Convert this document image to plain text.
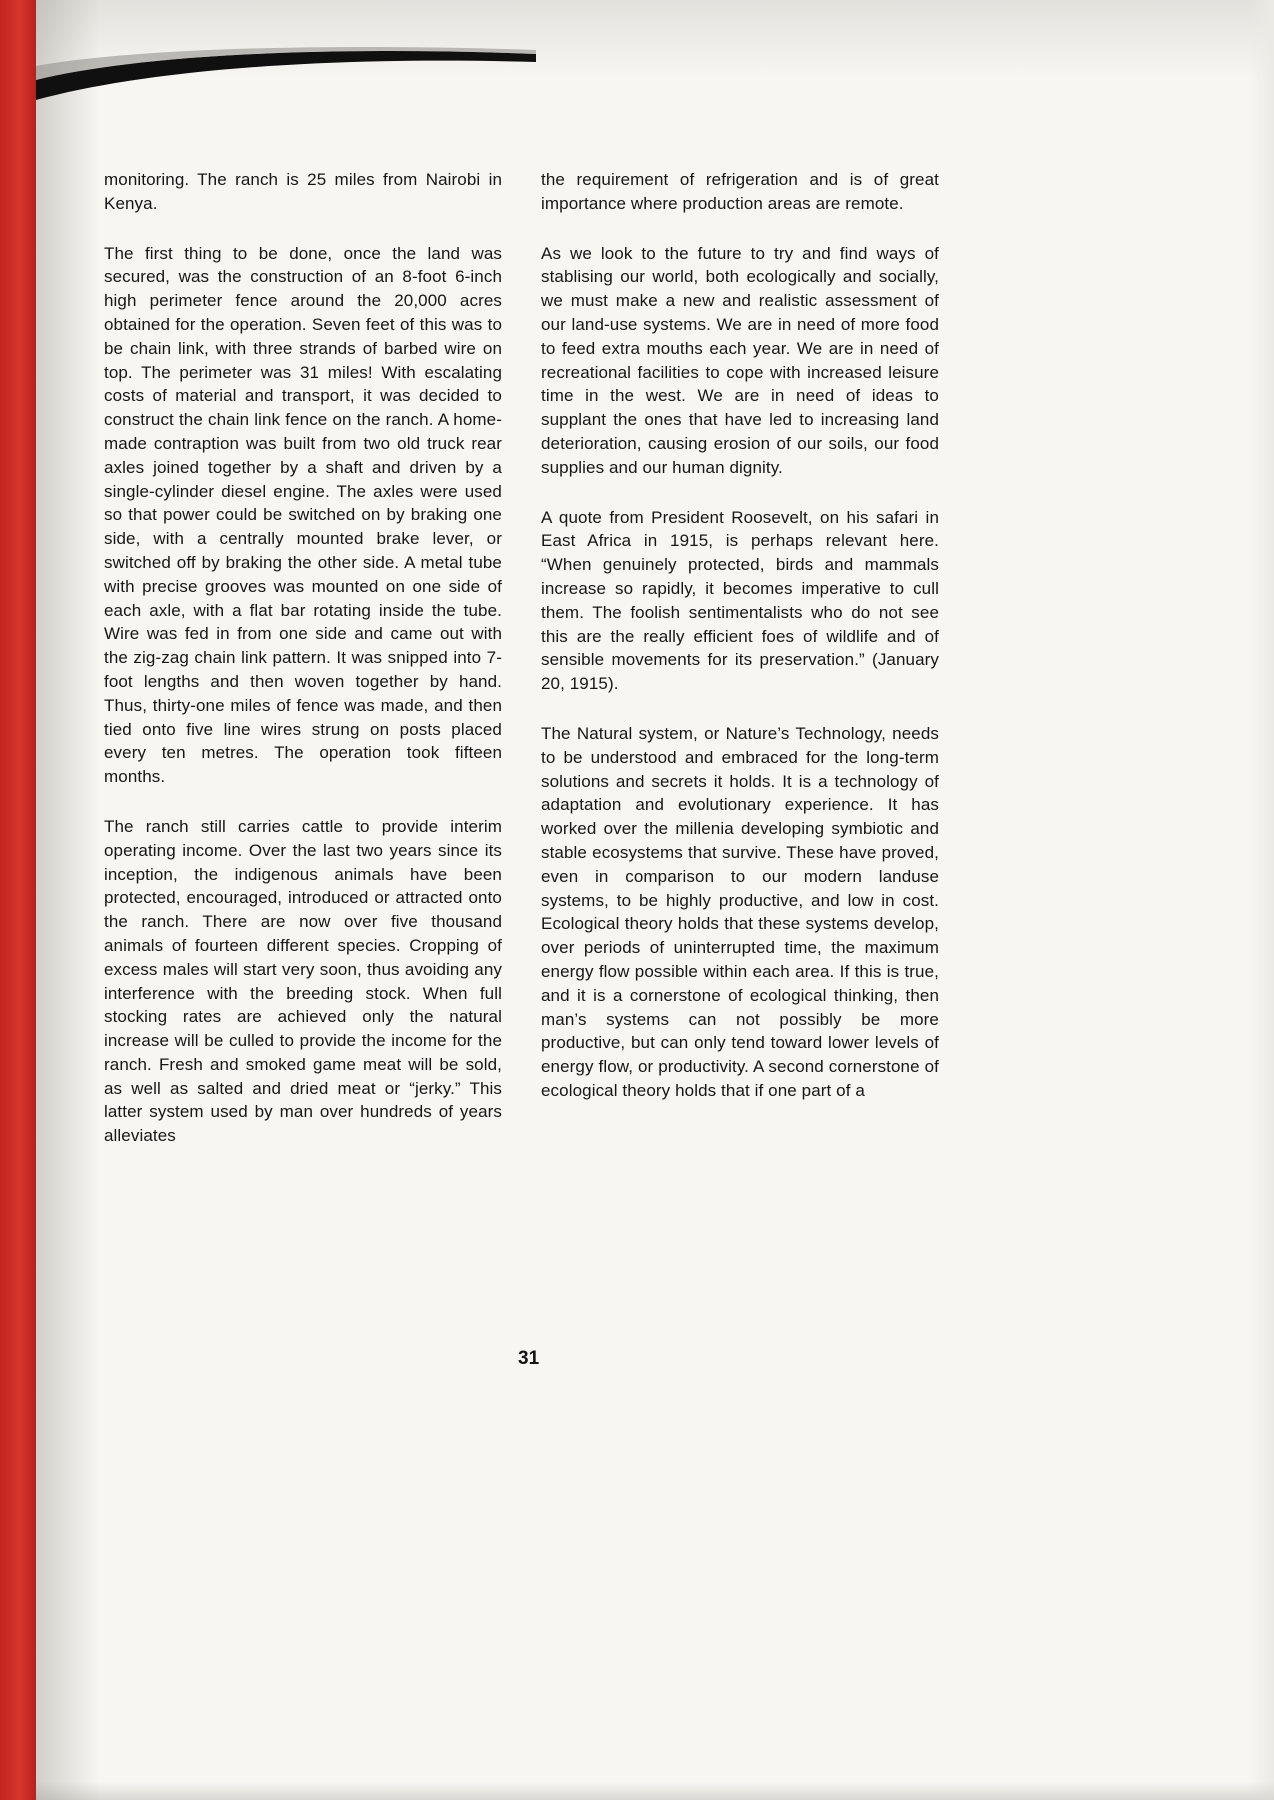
monitoring. The ranch is 25 miles from Nairobi in Kenya.

The first thing to be done, once the land was secured, was the construction of an 8-foot 6-inch high perimeter fence around the 20,000 acres obtained for the operation. Seven feet of this was to be chain link, with three strands of barbed wire on top. The perimeter was 31 miles! With escalating costs of material and transport, it was decided to construct the chain link fence on the ranch. A home-made contraption was built from two old truck rear axles joined together by a shaft and driven by a single-cylinder diesel engine. The axles were used so that power could be switched on by braking one side, with a centrally mounted brake lever, or switched off by braking the other side. A metal tube with precise grooves was mounted on one side of each axle, with a flat bar rotating inside the tube. Wire was fed in from one side and came out with the zig-zag chain link pattern. It was snipped into 7-foot lengths and then woven together by hand. Thus, thirty-one miles of fence was made, and then tied onto five line wires strung on posts placed every ten metres. The operation took fifteen months.

The ranch still carries cattle to provide interim operating income. Over the last two years since its inception, the indigenous animals have been protected, encouraged, introduced or attracted onto the ranch. There are now over five thousand animals of fourteen different species. Cropping of excess males will start very soon, thus avoiding any interference with the breeding stock. When full stocking rates are achieved only the natural increase will be culled to provide the income for the ranch. Fresh and smoked game meat will be sold, as well as salted and dried meat or “jerky.” This latter system used by man over hundreds of years alleviates

the requirement of refrigeration and is of great importance where production areas are remote.

As we look to the future to try and find ways of stablising our world, both ecologically and socially, we must make a new and realistic assessment of our land-use systems. We are in need of more food to feed extra mouths each year. We are in need of recreational facilities to cope with increased leisure time in the west. We are in need of ideas to supplant the ones that have led to increasing land deterioration, causing erosion of our soils, our food supplies and our human dignity.

A quote from President Roosevelt, on his safari in East Africa in 1915, is perhaps relevant here. “When genuinely protected, birds and mammals increase so rapidly, it becomes imperative to cull them. The foolish sentimentalists who do not see this are the really efficient foes of wildlife and of sensible movements for its preservation.” (January 20, 1915).

The Natural system, or Nature’s Technology, needs to be understood and embraced for the long-term solutions and secrets it holds. It is a technology of adaptation and evolutionary experience. It has worked over the millenia developing symbiotic and stable ecosystems that survive. These have proved, even in comparison to our modern landuse systems, to be highly productive, and low in cost. Ecological theory holds that these systems develop, over periods of uninterrupted time, the maximum energy flow possible within each area. If this is true, and it is a cornerstone of ecological thinking, then man’s systems can not possibly be more productive, but can only tend toward lower levels of energy flow, or productivity. A second cornerstone of ecological theory holds that if one part of a

31
